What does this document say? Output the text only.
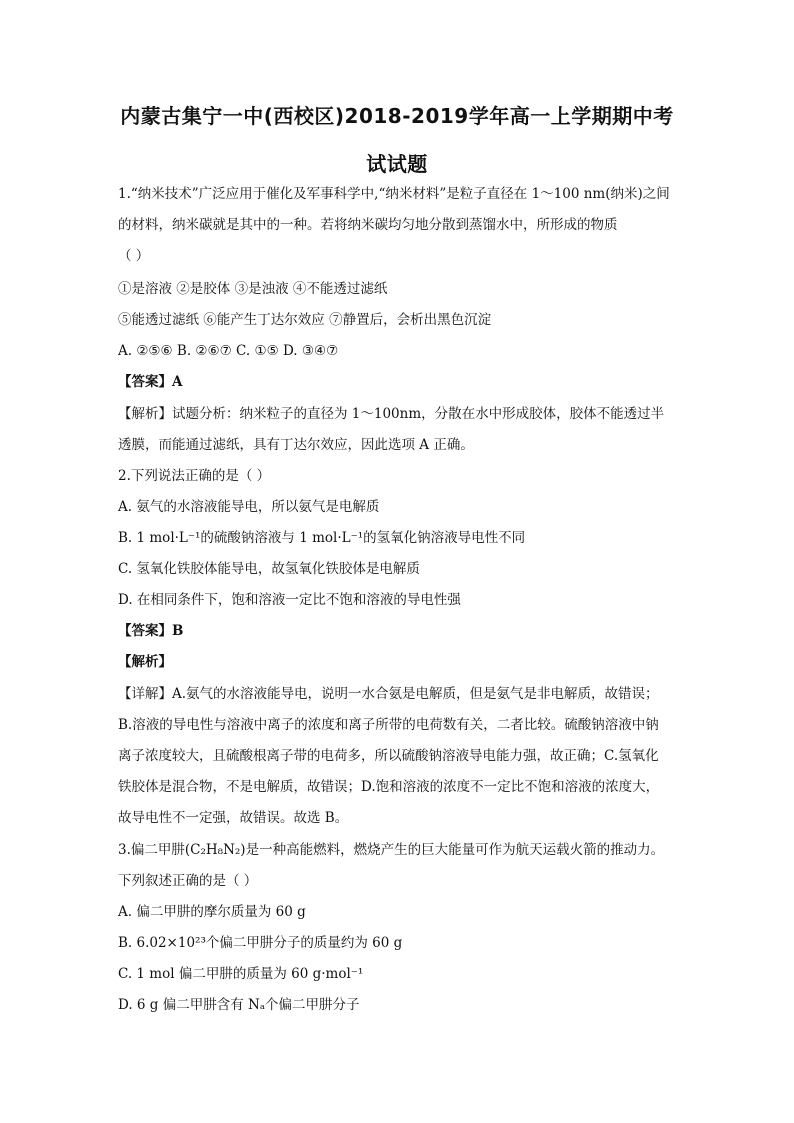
内蒙古集宁一中(西校区)2018-2019学年高一上学期期中考
试试题
1.“纳米技术”广泛应用于催化及军事科学中,“纳米材料”是粒子直径在 1～100 nm(纳米)之间
的材料，纳米碳就是其中的一种。若将纳米碳均匀地分散到蒸馏水中，所形成的物质
（ ）
①是溶液 ②是胶体 ③是浊液 ④不能透过滤纸
⑤能透过滤纸 ⑥能产生丁达尔效应 ⑦静置后，会析出黑色沉淀
A. ②⑤⑥ B. ②⑥⑦ C. ①⑤ D. ③④⑦
【答案】A
【解析】试题分析：纳米粒子的直径为 1～100nm，分散在水中形成胶体，胶体不能透过半
透膜，而能通过滤纸，具有丁达尔效应，因此选项 A 正确。
2.下列说法正确的是（ ）
A. 氨气的水溶液能导电，所以氨气是电解质
B. 1 mol·L⁻¹的硫酸钠溶液与 1 mol·L⁻¹的氢氧化钠溶液导电性不同
C. 氢氧化铁胶体能导电，故氢氧化铁胶体是电解质
D. 在相同条件下，饱和溶液一定比不饱和溶液的导电性强
【答案】B
【解析】
【详解】A.氨气的水溶液能导电，说明一水合氨是电解质，但是氨气是非电解质，故错误；
B.溶液的导电性与溶液中离子的浓度和离子所带的电荷数有关，二者比较。硫酸钠溶液中钠
离子浓度较大，且硫酸根离子带的电荷多，所以硫酸钠溶液导电能力强，故正确；C.氢氧化
铁胶体是混合物，不是电解质，故错误；D.饱和溶液的浓度不一定比不饱和溶液的浓度大，
故导电性不一定强，故错误。故选 B。
3.偏二甲肼(C₂H₈N₂)是一种高能燃料，燃烧产生的巨大能量可作为航天运载火箭的推动力。
下列叙述正确的是（ ）
A. 偏二甲肼的摩尔质量为 60 g
B. 6.02×10²³个偏二甲肼分子的质量约为 60 g
C. 1 mol 偏二甲肼的质量为 60 g·mol⁻¹
D. 6 g 偏二甲肼含有 Nₐ个偏二甲肼分子
